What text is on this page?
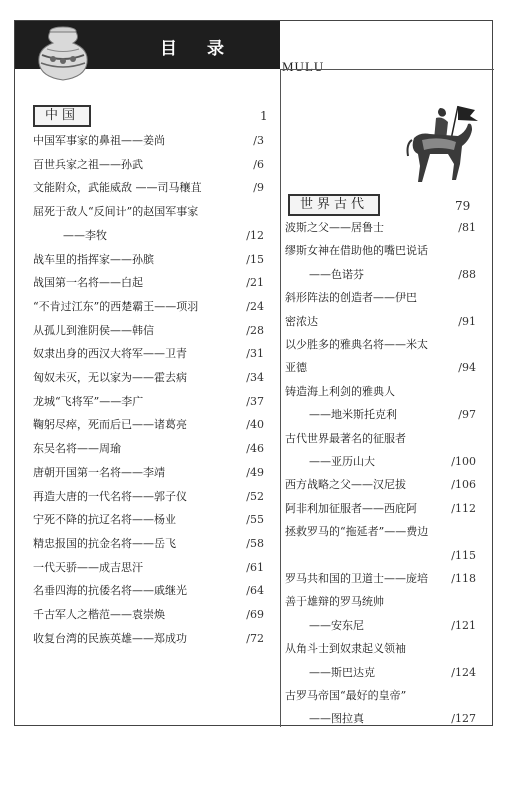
目录
MULU
中国	1
中国军事家的鼻祖——姜尚	/3
百世兵家之祖——孙武	/6
文能附众，武能威敌 ——司马穰苴	/9
屈死于敌人“反间计”的赵国军事家
——李牧	/12
战车里的指挥家——孙膑	/15
战国第一名将——白起	/21
“不肯过江东”的西楚霸王——项羽	/24
从孤儿到淮阴侯——韩信	/28
奴隶出身的西汉大将军——卫青	/31
匈奴未灭，无以家为——霍去病	/34
龙城“飞将军”——李广	/37
鞠躬尽瘁，死而后已——诸葛亮	/40
东吴名将——周瑜	/46
唐朝开国第一名将——李靖	/49
再造大唐的一代名将——郭子仪	/52
宁死不降的抗辽名将——杨业	/55
精忠报国的抗金名将——岳飞	/58
一代天骄——成吉思汗	/61
名垂四海的抗倭名将——戚继光	/64
千古军人之楷范——袁崇焕	/69
收复台湾的民族英雄——郑成功	/72
世界古代	79
波斯之父——居鲁士	/81
缪斯女神在借助他的嘴巴说话
——色诺芬	/88
斜形阵法的创造者——伊巴
密浓达	/91
以少胜多的雅典名将——米太
亚德	/94
铸造海上利剑的雅典人
——地米斯托克利	/97
古代世界最著名的征服者
——亚历山大	/100
西方战略之父——汉尼拔	/106
阿非利加征服者——西庇阿	/112
拯救罗马的“拖延者”——费边
/115
罗马共和国的卫道士——庞培 /118
善于雄辩的罗马统帅
——安东尼	/121
从角斗士到奴隶起义领袖
——斯巴达克	/124
古罗马帝国“最好的皇帝”
——图拉真	/127
